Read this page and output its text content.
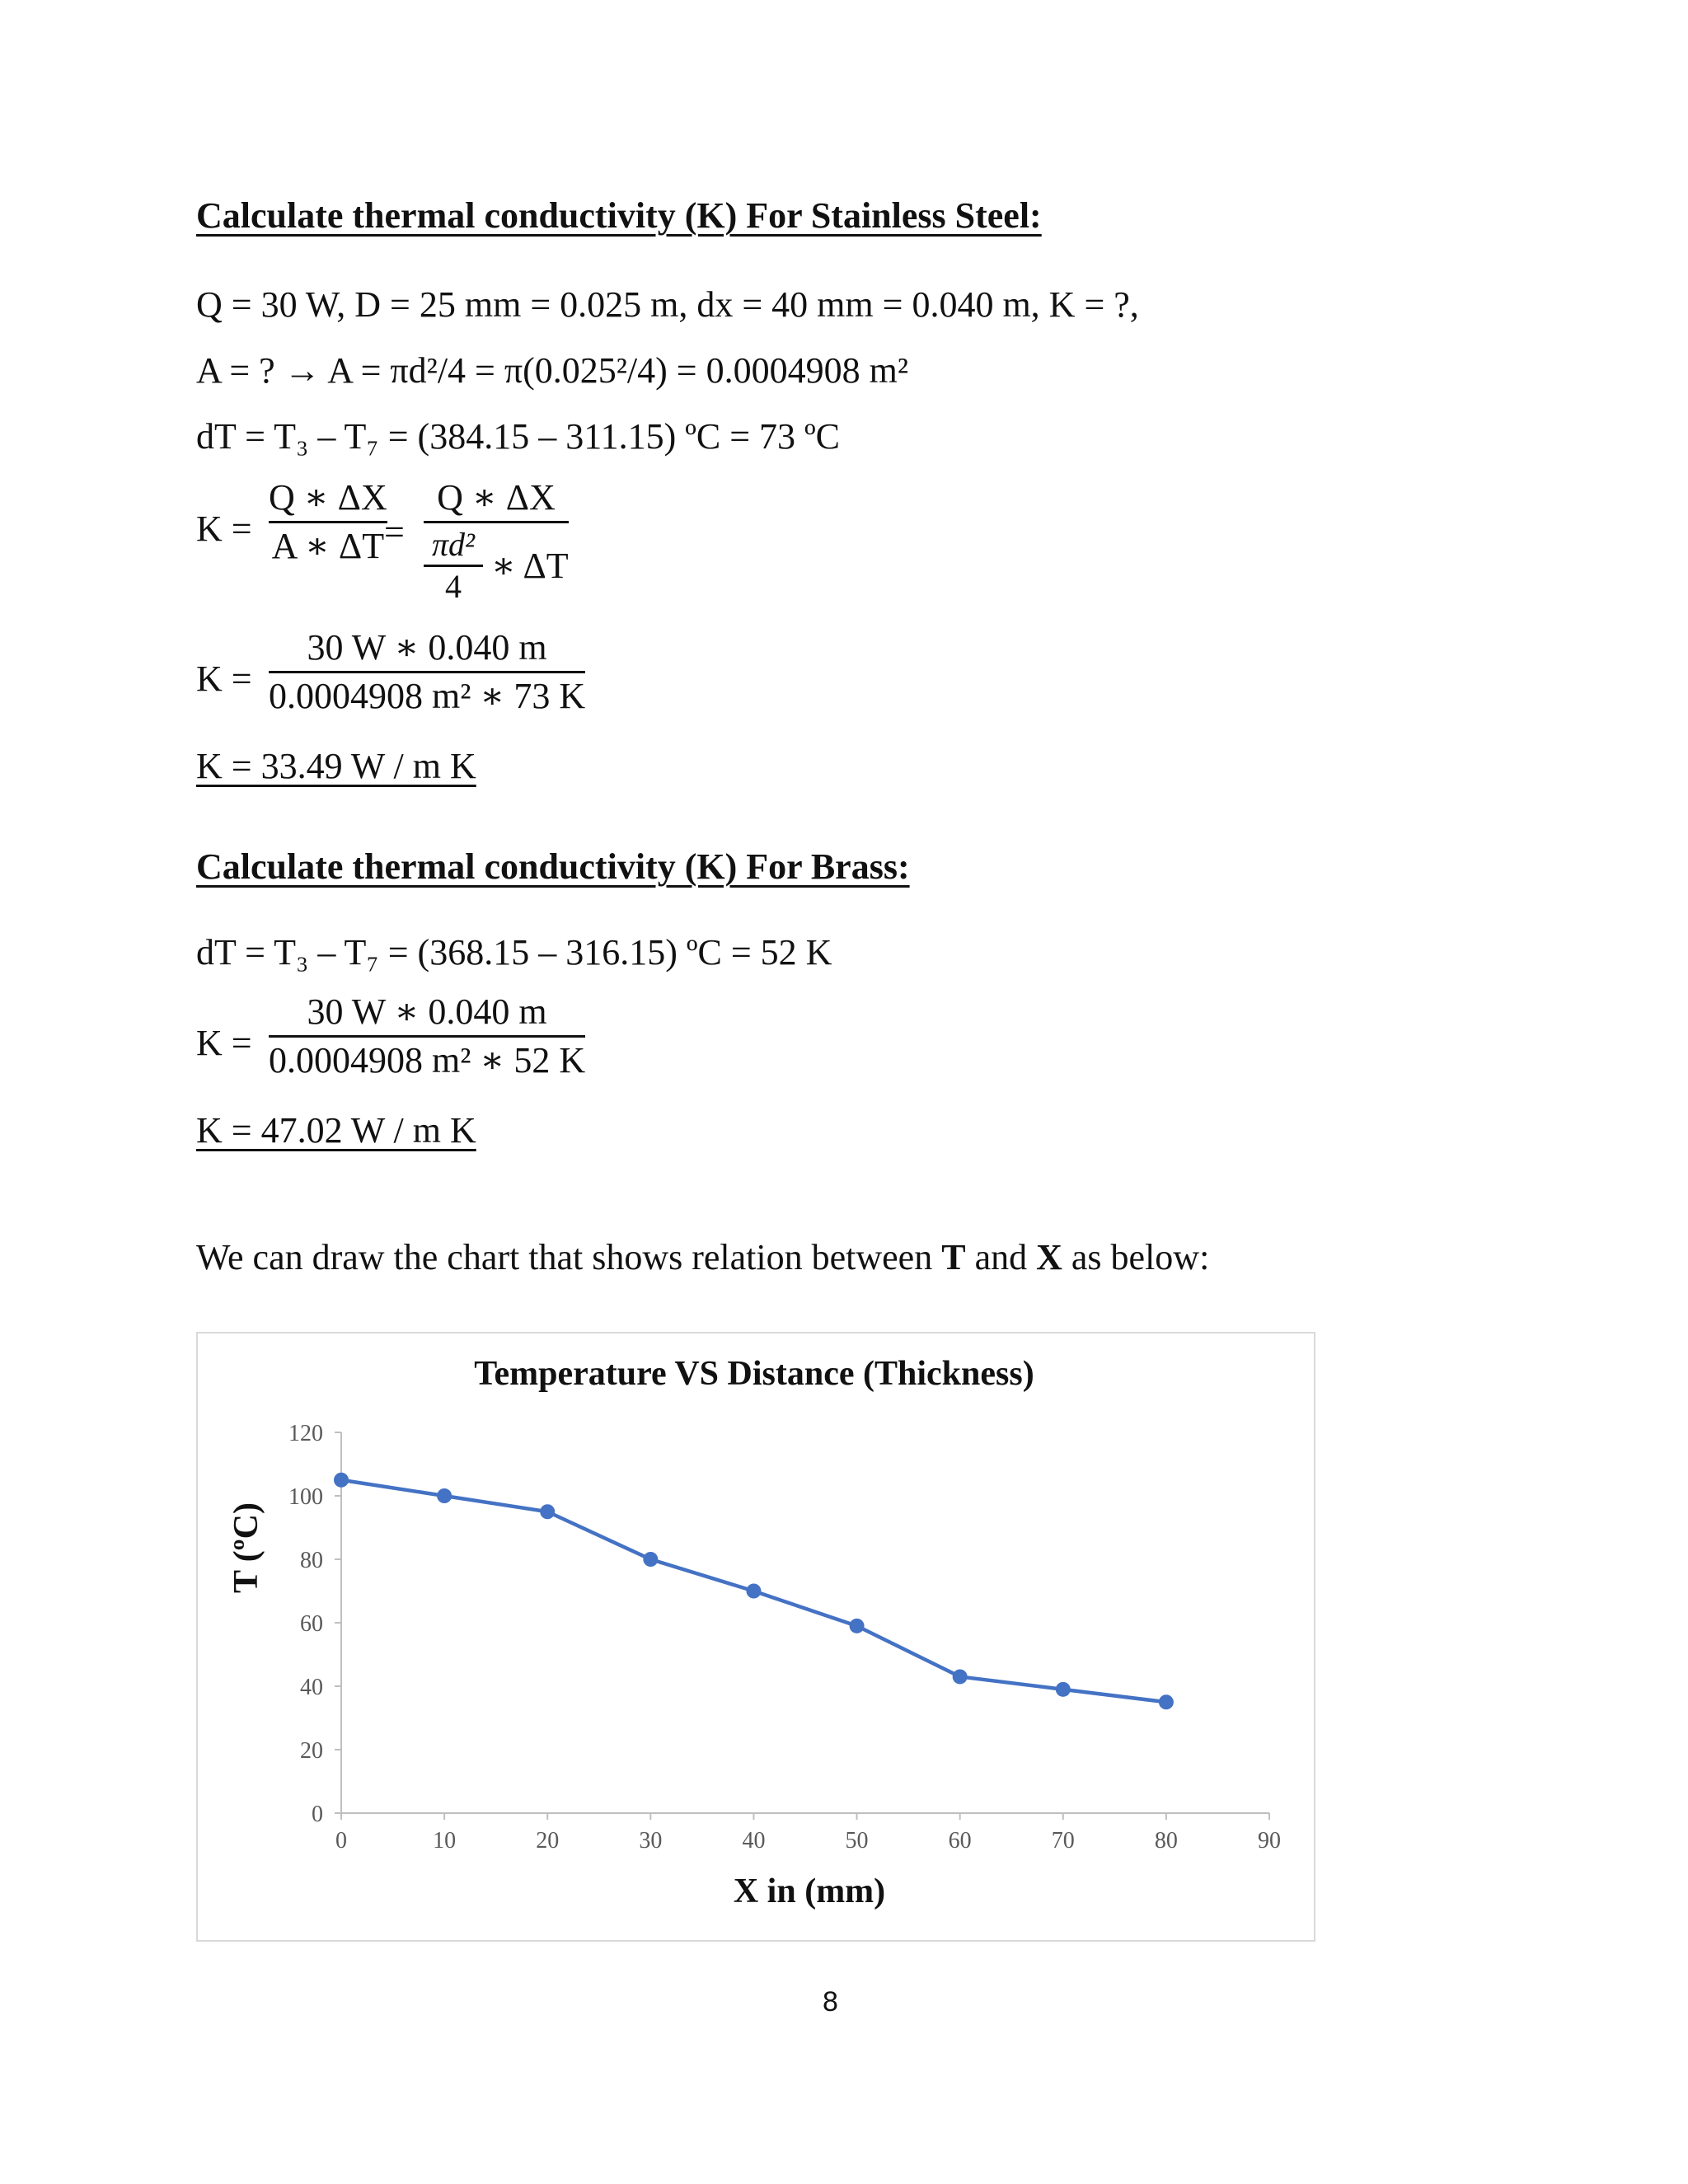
Calculate thermal conductivity (K) For Stainless Steel:
Q = 30 W, D = 25 mm = 0.025 m, dx = 40 mm = 0.040 m, K = ?,
A = ? → A = πd²/4 = π(0.025²/4) = 0.0004908 m²
dT = T₃ – T₇ = (384.15 – 311.15) ºC = 73 ºC
K =
Q ∗ ΔX
A ∗ ΔT =
Q ∗ ΔX
πd²
4
∗ ΔT
K =
30 W ∗ 0.040 m
0.0004908 m² ∗ 73 K
K = 33.49 W / m K
Calculate thermal conductivity (K) For Brass:
dT = T₃ – T₇ = (368.15 – 316.15) ºC = 52 K
K =
30 W ∗ 0.040 m
0.0004908 m² ∗ 52 K
K = 47.02 W / m K
We can draw the chart that shows relation between T and X as below:
Temperature VS Distance (Thickness)
T (ºC)
X in (mm)
0
20
40
60
80
100
120
0	10	20	30	40	50	60	70	80	90
8
